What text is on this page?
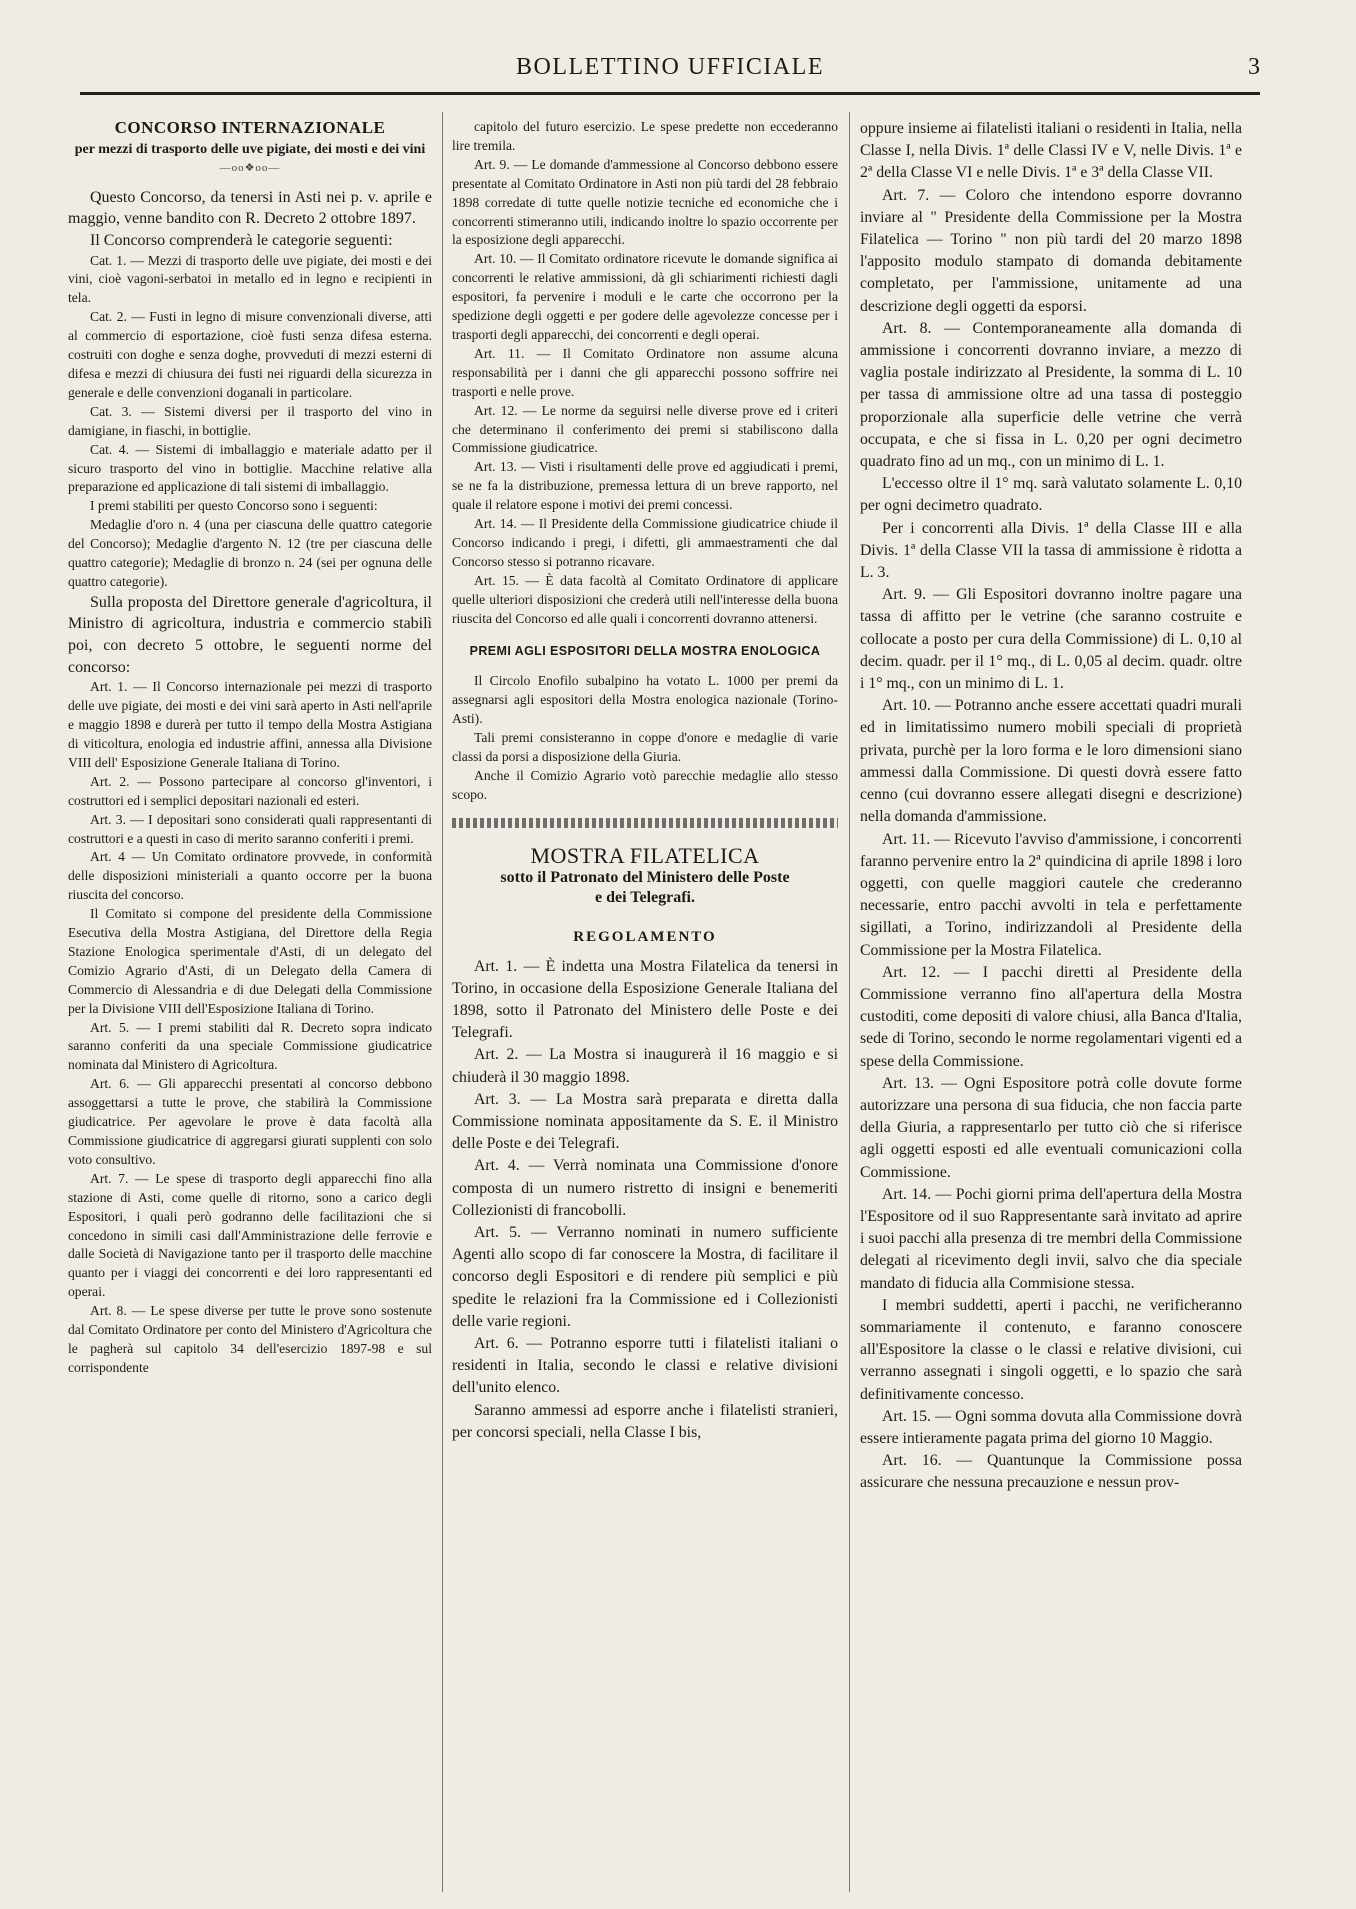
BOLLETTINO UFFICIALE	3
CONCORSO INTERNAZIONALE
per mezzi di trasporto delle uve pigiate, dei mosti e dei vini
—oo❖oo—

Questo Concorso, da tenersi in Asti nei p. v. aprile e maggio, venne bandito con R. Decreto 2 ottobre 1897.

Il Concorso comprenderà le categorie seguenti:

Cat. 1. — Mezzi di trasporto delle uve pigiate, dei mosti e dei vini, cioè vagoni-serbatoi in metallo ed in legno e recipienti in tela.

Cat. 2. — Fusti in legno di misure convenzionali diverse, atti al commercio di esportazione, cioè fusti senza difesa esterna. costruiti con doghe e senza doghe, provveduti di mezzi esterni di difesa e mezzi di chiusura dei fusti nei riguardi della sicurezza in generale e delle convenzioni doganali in particolare.

Cat. 3. — Sistemi diversi per il trasporto del vino in damigiane, in fiaschi, in bottiglie.

Cat. 4. — Sistemi di imballaggio e materiale adatto per il sicuro trasporto del vino in bottiglie. Macchine relative alla preparazione ed applicazione di tali sistemi di imballaggio.

I premi stabiliti per questo Concorso sono i seguenti:

Medaglie d'oro n. 4 (una per ciascuna delle quattro categorie del Concorso); Medaglie d'argento N. 12 (tre per ciascuna delle quattro categorie); Medaglie di bronzo n. 24 (sei per ognuna delle quattro categorie).

Sulla proposta del Direttore generale d'agricoltura, il Ministro di agricoltura, industria e commercio stabilì poi, con decreto 5 ottobre, le seguenti norme del concorso:

Art. 1. — Il Concorso internazionale pei mezzi di trasporto delle uve pigiate, dei mosti e dei vini sarà aperto in Asti nell'aprile e maggio 1898 e durerà per tutto il tempo della Mostra Astigiana di viticoltura, enologia ed industrie affini, annessa alla Divisione VIII dell' Esposizione Generale Italiana di Torino.

Art. 2. — Possono partecipare al concorso gl'inventori, i costruttori ed i semplici depositari nazionali ed esteri.

Art. 3. — I depositari sono considerati quali rappresentanti di costruttori e a questi in caso di merito saranno conferiti i premi.

Art. 4 — Un Comitato ordinatore provvede, in conformità delle disposizioni ministeriali a quanto occorre per la buona riuscita del concorso.

Il Comitato si compone del presidente della Commissione Esecutiva della Mostra Astigiana, del Direttore della Regia Stazione Enologica sperimentale d'Asti, di un delegato del Comizio Agrario d'Asti, di un Delegato della Camera di Commercio di Alessandria e di due Delegati della Commissione per la Divisione VIII dell'Esposizione Italiana di Torino.

Art. 5. — I premi stabiliti dal R. Decreto sopra indicato saranno conferiti da una speciale Commissione giudicatrice nominata dal Ministero di Agricoltura.

Art. 6. — Gli apparecchi presentati al concorso debbono assoggettarsi a tutte le prove, che stabilirà la Commissione giudicatrice. Per agevolare le prove è data facoltà alla Commissione giudicatrice di aggregarsi giurati supplenti con solo voto consultivo.

Art. 7. — Le spese di trasporto degli apparecchi fino alla stazione di Asti, come quelle di ritorno, sono a carico degli Espositori, i quali però godranno delle facilitazioni che si concedono in simili casi dall'Amministrazione delle ferrovie e dalle Società di Navigazione tanto per il trasporto delle macchine quanto per i viaggi dei concorrenti e dei loro rappresentanti ed operai.

Art. 8. — Le spese diverse per tutte le prove sono sostenute dal Comitato Ordinatore per conto del Ministero d'Agricoltura che le pagherà sul capitolo 34 dell'esercizio 1897-98 e sul corrispondente

capitolo del futuro esercizio. Le spese predette non eccederanno lire tremila.

Art. 9. — Le domande d'ammessione al Concorso debbono essere presentate al Comitato Ordinatore in Asti non più tardi del 28 febbraio 1898 corredate di tutte quelle notizie tecniche ed economiche che i concorrenti stimeranno utili, indicando inoltre lo spazio occorrente per la esposizione degli apparecchi.

Art. 10. — Il Comitato ordinatore ricevute le domande significa ai concorrenti le relative ammissioni, dà gli schiarimenti richiesti dagli espositori, fa pervenire i moduli e le carte che occorrono per la spedizione degli oggetti e per godere delle agevolezze concesse per i trasporti degli apparecchi, dei concorrenti e degli operai.

Art. 11. — Il Comitato Ordinatore non assume alcuna responsabilità per i danni che gli apparecchi possono soffrire nei trasporti e nelle prove.

Art. 12. — Le norme da seguirsi nelle diverse prove ed i criteri che determinano il conferimento dei premi si stabiliscono dalla Commissione giudicatrice.

Art. 13. — Visti i risultamenti delle prove ed aggiudicati i premi, se ne fa la distribuzione, premessa lettura di un breve rapporto, nel quale il relatore espone i motivi dei premi concessi.

Art. 14. — Il Presidente della Commissione giudicatrice chiude il Concorso indicando i pregi, i difetti, gli ammaestramenti che dal Concorso stesso si potranno ricavare.

Art. 15. — È data facoltà al Comitato Ordinatore di applicare quelle ulteriori disposizioni che crederà utili nell'interesse della buona riuscita del Concorso ed alle quali i concorrenti dovranno attenersi.

PREMI AGLI ESPOSITORI DELLA MOSTRA ENOLOGICA

Il Circolo Enofilo subalpino ha votato L. 1000 per premi da assegnarsi agli espositori della Mostra enologica nazionale (Torino-Asti).

Tali premi consisteranno in coppe d'onore e medaglie di varie classi da porsi a disposizione della Giuria.

Anche il Comizio Agrario votò parecchie medaglie allo stesso scopo.

MOSTRA FILATELICA
sotto il Patronato del Ministero delle Poste
e dei Telegrafi.
REGOLAMENTO

Art. 1. — È indetta una Mostra Filatelica da tenersi in Torino, in occasione della Esposizione Generale Italiana del 1898, sotto il Patronato del Ministero delle Poste e dei Telegrafi.

Art. 2. — La Mostra si inaugurerà il 16 maggio e si chiuderà il 30 maggio 1898.

Art. 3. — La Mostra sarà preparata e diretta dalla Commissione nominata appositamente da S. E. il Ministro delle Poste e dei Telegrafi.

Art. 4. — Verrà nominata una Commissione d'onore composta di un numero ristretto di insigni e benemeriti Collezionisti di francobolli.

Art. 5. — Verranno nominati in numero sufficiente Agenti allo scopo di far conoscere la Mostra, di facilitare il concorso degli Espositori e di rendere più semplici e più spedite le relazioni fra la Commissione ed i Collezionisti delle varie regioni.

Art. 6. — Potranno esporre tutti i filatelisti italiani o residenti in Italia, secondo le classi e relative divisioni dell'unito elenco.

Saranno ammessi ad esporre anche i filatelisti stranieri, per concorsi speciali, nella Classe I bis,

oppure insieme ai filatelisti italiani o residenti in Italia, nella Classe I, nella Divis. 1ª delle Classi IV e V, nelle Divis. 1ª e 2ª della Classe VI e nelle Divis. 1ª e 3ª della Classe VII.

Art. 7. — Coloro che intendono esporre dovranno inviare al " Presidente della Commissione per la Mostra Filatelica — Torino " non più tardi del 20 marzo 1898 l'apposito modulo stampato di domanda debitamente completato, per l'ammissione, unitamente ad una descrizione degli oggetti da esporsi.

Art. 8. — Contemporaneamente alla domanda di ammissione i concorrenti dovranno inviare, a mezzo di vaglia postale indirizzato al Presidente, la somma di L. 10 per tassa di ammissione oltre ad una tassa di posteggio proporzionale alla superficie delle vetrine che verrà occupata, e che si fissa in L. 0,20 per ogni decimetro quadrato fino ad un mq., con un minimo di L. 1.

L'eccesso oltre il 1° mq. sarà valutato solamente L. 0,10 per ogni decimetro quadrato.

Per i concorrenti alla Divis. 1ª della Classe III e alla Divis. 1ª della Classe VII la tassa di ammissione è ridotta a L. 3.

Art. 9. — Gli Espositori dovranno inoltre pagare una tassa di affitto per le vetrine (che saranno costruite e collocate a posto per cura della Commissione) di L. 0,10 al decim. quadr. per il 1° mq., di L. 0,05 al decim. quadr. oltre i 1° mq., con un minimo di L. 1.

Art. 10. — Potranno anche essere accettati quadri murali ed in limitatissimo numero mobili speciali di proprietà privata, purchè per la loro forma e le loro dimensioni siano ammessi dalla Commissione. Di questi dovrà essere fatto cenno (cui dovranno essere allegati disegni e descrizione) nella domanda d'ammissione.

Art. 11. — Ricevuto l'avviso d'ammissione, i concorrenti faranno pervenire entro la 2ª quindicina di aprile 1898 i loro oggetti, con quelle maggiori cautele che crederanno necessarie, entro pacchi avvolti in tela e perfettamente sigillati, a Torino, indirizzandoli al Presidente della Commissione per la Mostra Filatelica.

Art. 12. — I pacchi diretti al Presidente della Commissione verranno fino all'apertura della Mostra custoditi, come depositi di valore chiusi, alla Banca d'Italia, sede di Torino, secondo le norme regolamentari vigenti ed a spese della Commissione.

Art. 13. — Ogni Espositore potrà colle dovute forme autorizzare una persona di sua fiducia, che non faccia parte della Giuria, a rappresentarlo per tutto ciò che si riferisce agli oggetti esposti ed alle eventuali comunicazioni colla Commissione.

Art. 14. — Pochi giorni prima dell'apertura della Mostra l'Espositore od il suo Rappresentante sarà invitato ad aprire i suoi pacchi alla presenza di tre membri della Commissione delegati al ricevimento degli invii, salvo che dia speciale mandato di fiducia alla Commisione stessa.

I membri suddetti, aperti i pacchi, ne verificheranno sommariamente il contenuto, e faranno conoscere all'Espositore la classe o le classi e relative divisioni, cui verranno assegnati i singoli oggetti, e lo spazio che sarà definitivamente concesso.

Art. 15. — Ogni somma dovuta alla Commissione dovrà essere intieramente pagata prima del giorno 10 Maggio.

Art. 16. — Quantunque la Commissione possa assicurare che nessuna precauzione e nessun prov-
